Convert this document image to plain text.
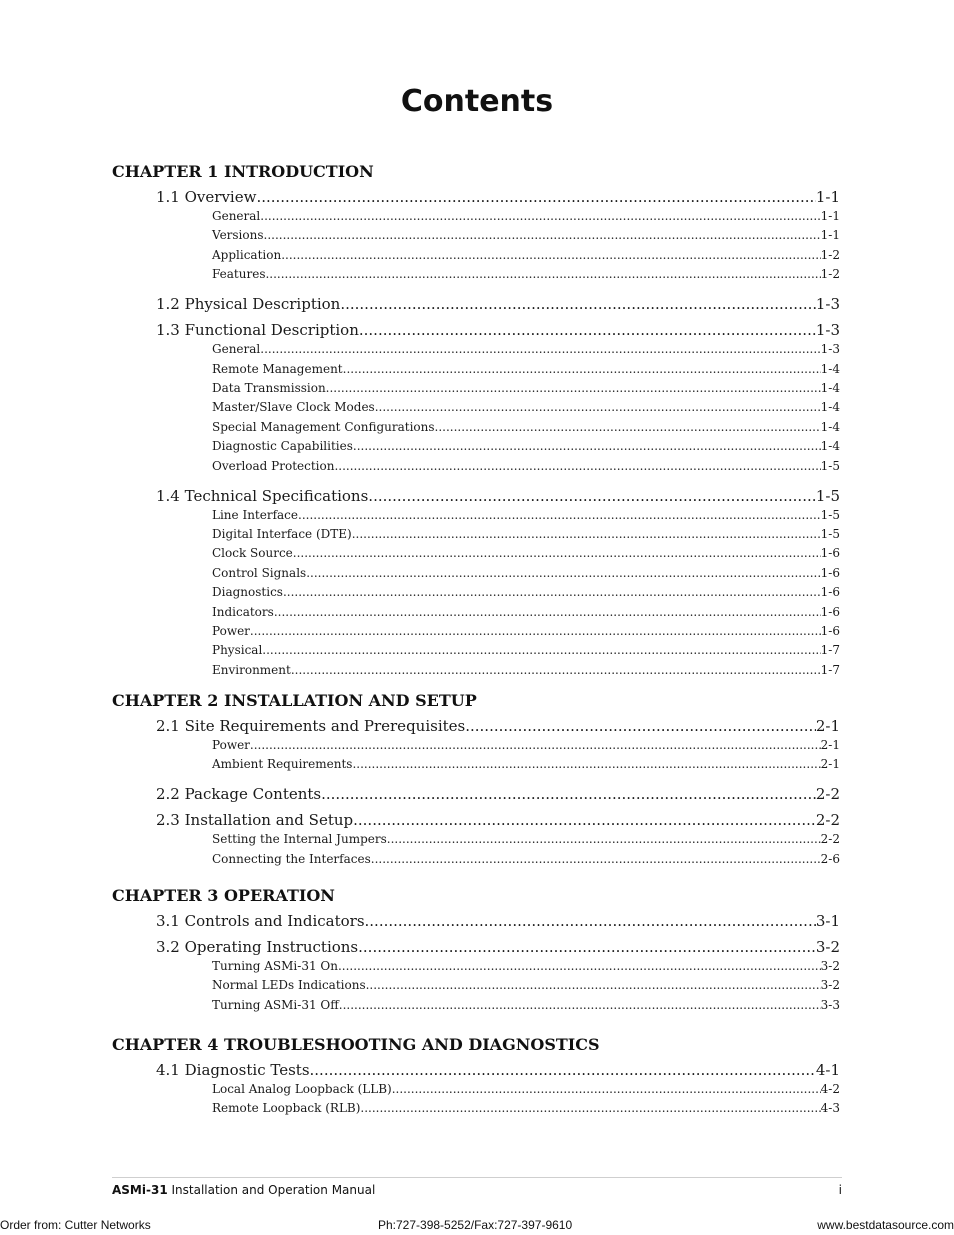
Contents
CHAPTER 1 INTRODUCTION
1.1 Overview .....	1-1
General .....	1-1
Versions .....	1-1
Application .....	1-2
Features .....	1-2
1.2 Physical Description .....	1-3
1.3 Functional Description .....	1-3
General .....	1-3
Remote Management .....	1-4
Data Transmission .....	1-4
Master/Slave Clock Modes .....	1-4
Special Management Configurations .....	1-4
Diagnostic Capabilities .....	1-4
Overload Protection .....	1-5
1.4 Technical Specifications .....	1-5
Line Interface .....	1-5
Digital Interface (DTE) .....	1-5
Clock Source .....	1-6
Control Signals .....	1-6
Diagnostics .....	1-6
Indicators .....	1-6
Power .....	1-6
Physical .....	1-7
Environment .....	1-7
CHAPTER 2 INSTALLATION AND SETUP
2.1 Site Requirements and Prerequisites .....	2-1
Power .....	2-1
Ambient Requirements .....	2-1
2.2 Package Contents .....	2-2
2.3 Installation and Setup .....	2-2
Setting the Internal Jumpers .....	2-2
Connecting the Interfaces .....	2-6
CHAPTER 3 OPERATION
3.1 Controls and Indicators .....	3-1
3.2 Operating Instructions .....	3-2
Turning ASMi-31 On .....	3-2
Normal LEDs Indications .....	3-2
Turning ASMi-31 Off .....	3-3
CHAPTER 4 TROUBLESHOOTING AND DIAGNOSTICS
4.1 Diagnostic Tests .....	4-1
Local Analog Loopback (LLB) .....	4-2
Remote Loopback (RLB) .....	4-3
ASMi-31 Installation and Operation Manual	i
Order from: Cutter Networks	Ph:727-398-5252/Fax:727-397-9610	www.bestdatasource.com
